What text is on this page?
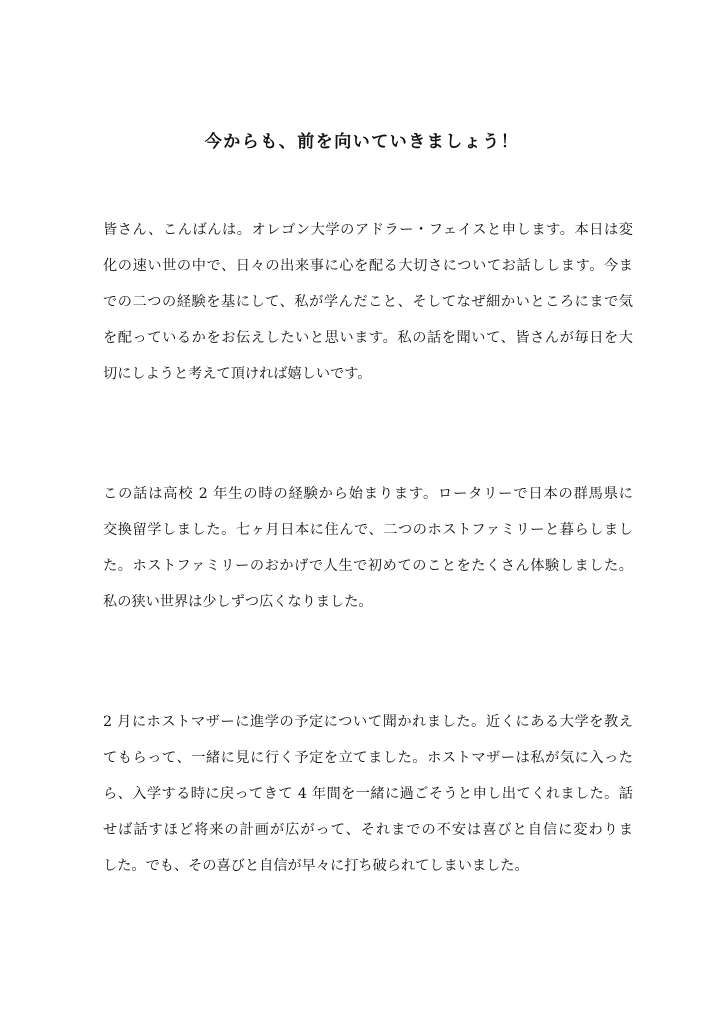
今からも、前を向いていきましょう！

皆さん、こんばんは。オレゴン大学のアドラー・フェイスと申します。本日は変

化の速い世の中で、日々の出来事に心を配る大切さについてお話しします。今ま

での二つの経験を基にして、私が学んだこと、そしてなぜ細かいところにまで気

を配っているかをお伝えしたいと思います。私の話を聞いて、皆さんが毎日を大

切にしようと考えて頂ければ嬉しいです。

この話は高校 2 年生の時の経験から始まります。ロータリーで日本の群馬県に

交換留学しました。七ヶ月日本に住んで、二つのホストファミリーと暮らしまし

た。ホストファミリーのおかげで人生で初めてのことをたくさん体験しました。

私の狭い世界は少しずつ広くなりました。

2 月にホストマザーに進学の予定について聞かれました。近くにある大学を教え

てもらって、一緒に見に行く予定を立てました。ホストマザーは私が気に入った

ら、入学する時に戻ってきて 4 年間を一緒に過ごそうと申し出てくれました。話

せば話すほど将来の計画が広がって、それまでの不安は喜びと自信に変わりま

した。でも、その喜びと自信が早々に打ち破られてしまいました。
